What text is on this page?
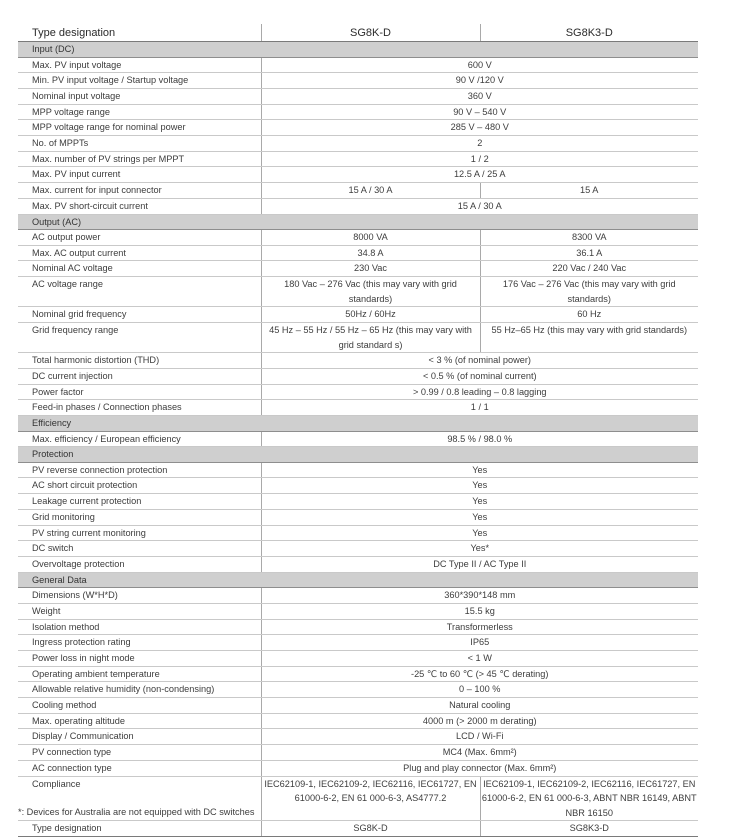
Type designation	SG8K-D	SG8K3-D
Input (DC)		
Max. PV input voltage	600 V	
Min. PV input voltage / Startup voltage	90 V /120 V	
Nominal input voltage	360 V	
MPP voltage range	90 V – 540 V	
MPP voltage range for nominal power	285 V – 480 V	
No. of MPPTs	2	
Max. number of PV strings per MPPT	1 / 2	
Max. PV input current	12.5 A / 25 A	
Max. current for input connector	15 A / 30 A	15 A
Max. PV short-circuit current	15 A / 30 A	
Output (AC)		
AC output power	8000 VA	8300 VA
Max. AC output current	34.8 A	36.1 A
Nominal AC voltage	230 Vac	220 Vac / 240 Vac
AC voltage range	180 Vac – 276 Vac (this may vary with grid standards)	176 Vac – 276 Vac (this may vary with grid standards)
Nominal grid frequency	50Hz / 60Hz	60 Hz
Grid frequency range	45 Hz – 55 Hz / 55 Hz – 65 Hz (this may vary with grid standard s)	55 Hz–65 Hz (this may vary with grid standards)
Total harmonic distortion (THD)	< 3 % (of nominal power)	
DC current injection	< 0.5 % (of nominal current)	
Power factor	> 0.99 / 0.8 leading – 0.8 lagging	
Feed-in phases / Connection phases	1 / 1	
Efficiency		
Max. efficiency / European efficiency	98.5 % / 98.0 %	
Protection		
PV reverse connection protection	Yes	
AC short circuit protection	Yes	
Leakage current protection	Yes	
Grid monitoring	Yes	
PV string current monitoring	Yes	
DC switch	Yes*	
Overvoltage protection	DC Type II / AC Type II	
General Data		
Dimensions (W*H*D)	360*390*148 mm	
Weight	15.5 kg	
Isolation method	Transformerless	
Ingress protection rating	IP65	
Power loss in night mode	< 1 W	
Operating ambient temperature	-25 ℃ to 60 ℃ (> 45 ℃ derating)	
Allowable relative humidity (non-condensing)	0 – 100 %	
Cooling method	Natural cooling	
Max. operating altitude	4000 m (> 2000 m derating)	
Display / Communication	LCD / Wi-Fi	
PV connection type	MC4 (Max. 6mm²)	
AC connection type	Plug and play connector (Max. 6mm²)	
Compliance	IEC62109-1, IEC62109-2, IEC62116, IEC61727, EN 61000-6-2, EN 61 000-6-3, AS4777.2	IEC62109-1, IEC62109-2, IEC62116, IEC61727, EN 61000-6-2, EN 61 000-6-3, ABNT NBR 16149, ABNT NBR 16150
Type designation	SG8K-D	SG8K3-D
*: Devices for Australia are not equipped with DC switches
